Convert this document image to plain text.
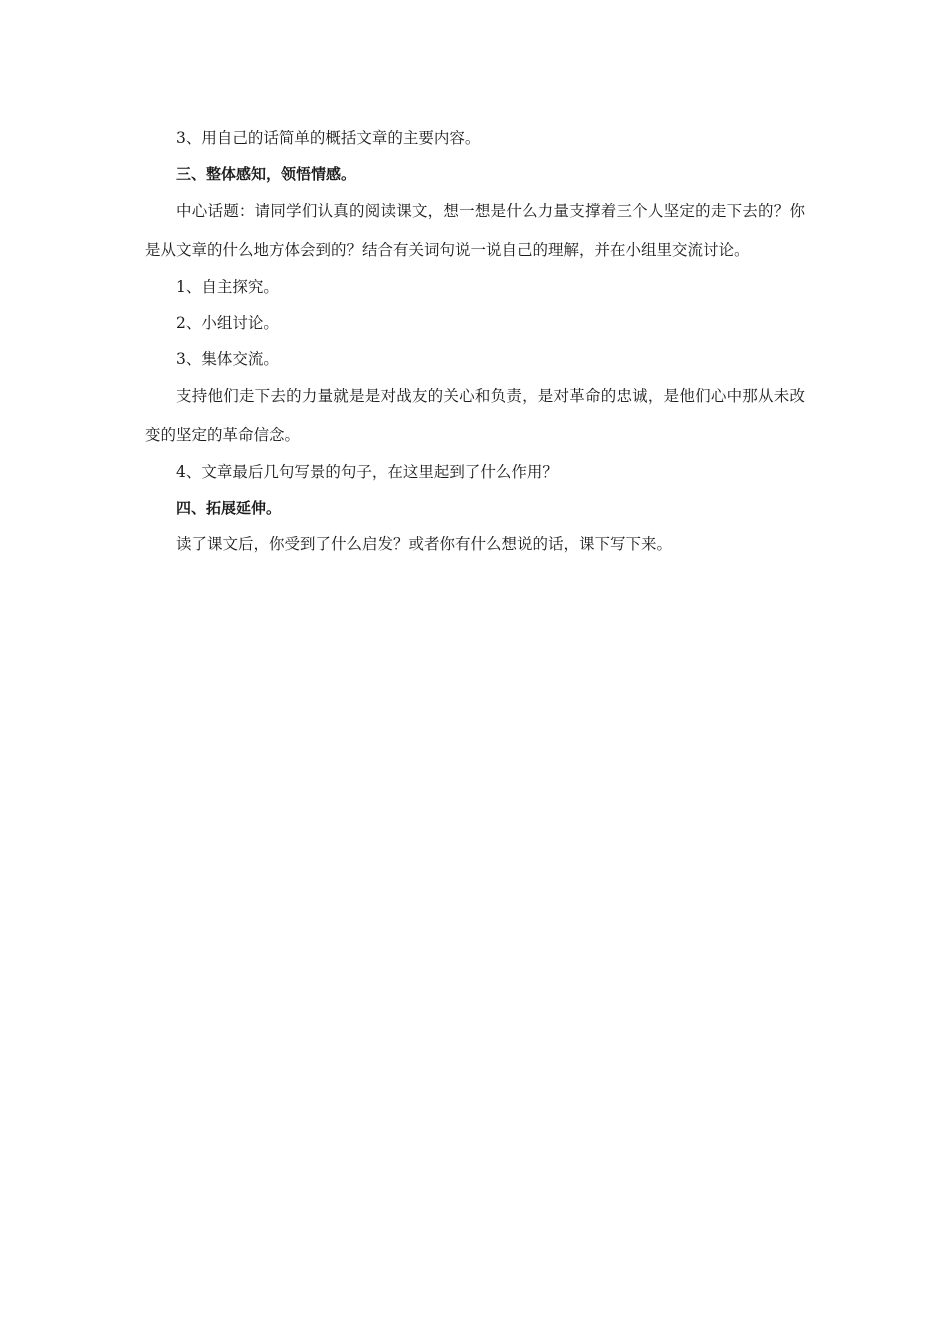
3、用自己的话简单的概括文章的主要内容。

三、整体感知，领悟情感。

中心话题：请同学们认真的阅读课文，想一想是什么力量支撑着三个人坚定的走下去的？你是从文章的什么地方体会到的？结合有关词句说一说自己的理解，并在小组里交流讨论。

1、自主探究。

2、小组讨论。

3、集体交流。

支持他们走下去的力量就是是对战友的关心和负责，是对革命的忠诚，是他们心中那从未改变的坚定的革命信念。

4、文章最后几句写景的句子，在这里起到了什么作用？

四、拓展延伸。

读了课文后，你受到了什么启发？或者你有什么想说的话，课下写下来。
